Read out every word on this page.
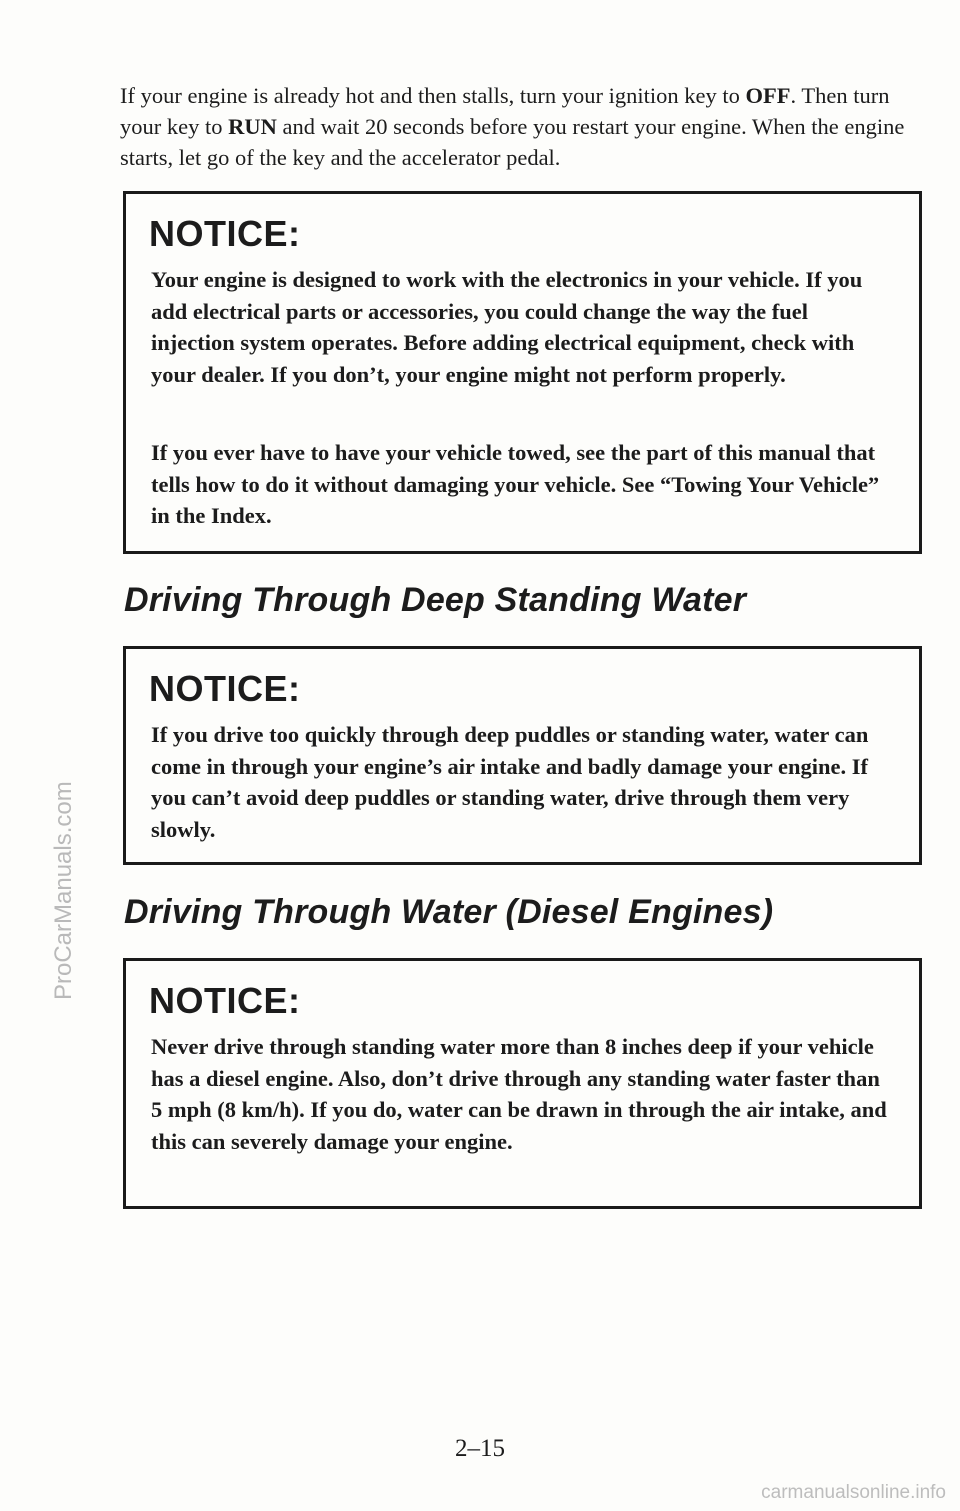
If your engine is already hot and then stalls, turn your ignition key to OFF. Then turn your key to RUN and wait 20 seconds before you restart your engine. When the engine starts, let go of the key and the accelerator pedal.

NOTICE:

Your engine is designed to work with the electronics in your vehicle. If you add electrical parts or accessories, you could change the way the fuel injection system operates. Before adding electrical equipment, check with your dealer. If you don’t, your engine might not perform properly.

If you ever have to have your vehicle towed, see the part of this manual that tells how to do it without damaging your vehicle. See “Towing Your Vehicle” in the Index.

Driving Through Deep Standing Water
NOTICE:

If you drive too quickly through deep puddles or standing water, water can come in through your engine’s air intake and badly damage your engine. If you can’t avoid deep puddles or standing water, drive through them very slowly.

Driving Through Water (Diesel Engines)
NOTICE:

Never drive through standing water more than 8 inches deep if your vehicle has a diesel engine. Also, don’t drive through any standing water faster than 5 mph (8 km/h). If you do, water can be drawn in through the air intake, and this can severely damage your engine.

2–15

ProCarManuals.com
carmanualsonline.info
